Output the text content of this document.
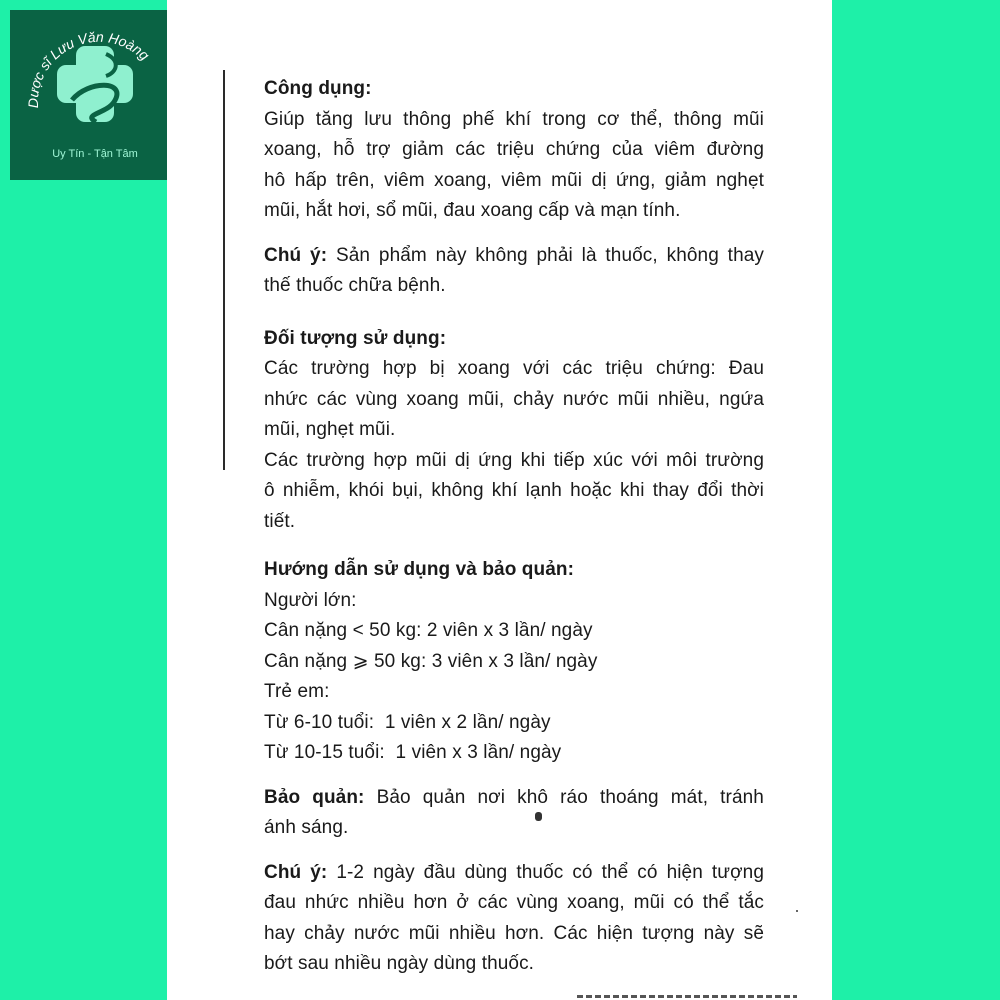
Dược sĩ Lưu Văn Hoàng
Uy Tín - Tận Tâm
Công dụng:
Giúp tăng lưu thông phế khí trong cơ thể, thông mũi
xoang, hỗ trợ giảm các triệu chứng của viêm đường
hô hấp trên, viêm xoang, viêm mũi dị ứng, giảm nghẹt
mũi, hắt hơi, sổ mũi, đau xoang cấp và mạn tính.
Chú ý: Sản phẩm này không phải là thuốc, không thay
thế thuốc chữa bệnh.
Đối tượng sử dụng:
Các trường hợp bị xoang với các triệu chứng: Đau
nhức các vùng xoang mũi, chảy nước mũi nhiều, ngứa
mũi, nghẹt mũi.
Các trường hợp mũi dị ứng khi tiếp xúc với môi trường
ô nhiễm, khói bụi, không khí lạnh hoặc khi thay đổi thời
tiết.
Hướng dẫn sử dụng và bảo quản:
Người lớn:
Cân nặng < 50 kg: 2 viên x 3 lần/ ngày
Cân nặng ⩾ 50 kg: 3 viên x 3 lần/ ngày
Trẻ em:
Từ 6-10 tuổi:  1 viên x 2 lần/ ngày
Từ 10-15 tuổi:  1 viên x 3 lần/ ngày
Bảo quản: Bảo quản nơi khô ráo thoáng mát, tránh
ánh sáng.
Chú ý: 1-2 ngày đầu dùng thuốc có thể có hiện tượng
đau nhức nhiều hơn ở các vùng xoang, mũi có thể tắc
hay chảy nước mũi nhiều hơn. Các hiện tượng này sẽ
bớt sau nhiều ngày dùng thuốc.
